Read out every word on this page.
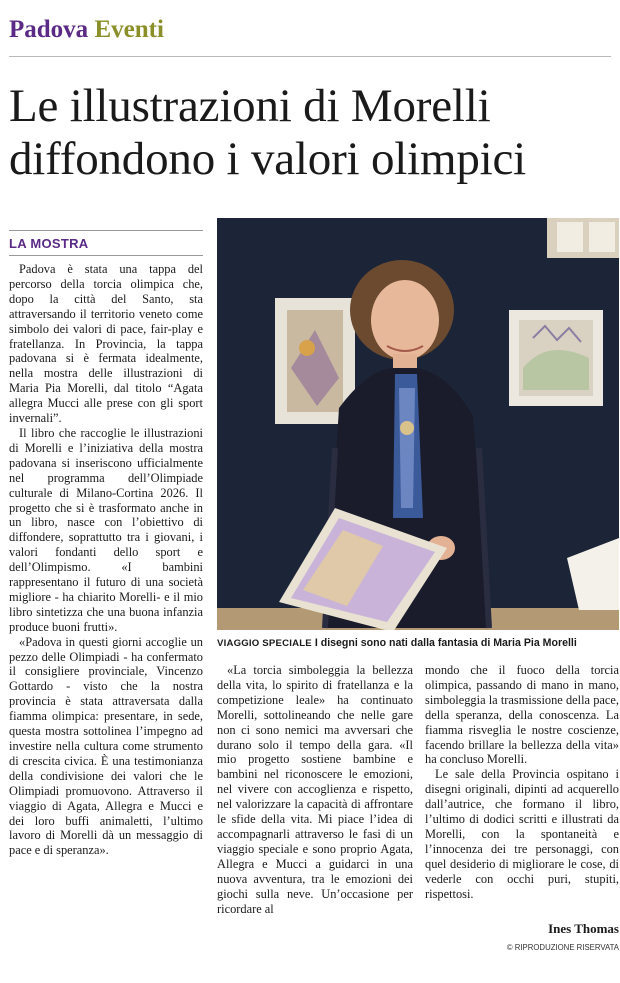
Padova Eventi
Le illustrazioni di Morelli
diffondono i valori olimpici
LA MOSTRA

Padova è stata una tappa del percorso della torcia olimpica che, dopo la città del Santo, sta attraversando il territorio veneto come simbolo dei valori di pace, fair-play e fratellanza. In Provincia, la tappa padovana si è fermata idealmente, nella mostra delle illustrazioni di Maria Pia Morelli, dal titolo “Agata allegra Mucci alle prese con gli sport invernali”.

Il libro che raccoglie le illustrazioni di Morelli e l’iniziativa della mostra padovana si inseriscono ufficialmente nel programma dell’Olimpiade culturale di Milano-Cortina 2026. Il progetto che si è trasformato anche in un libro, nasce con l’obiettivo di diffondere, soprattutto tra i giovani, i valori fondanti dello sport e dell’Olimpismo. «I bambini rappresentano il futuro di una società migliore - ha chiarito Morelli- e il mio libro sintetizza che una buona infanzia produce buoni frutti».

«Padova in questi giorni accoglie un pezzo delle Olimpiadi - ha confermato il consigliere provinciale, Vincenzo Gottardo - visto che la nostra provincia è stata attraversata dalla fiamma olimpica: presentare, in sede, questa mostra sottolinea l’impegno ad investire nella cultura come strumento di crescita civica. È una testimonianza della condivisione dei valori che le Olimpiadi promuovono. Attraverso il viaggio di Agata, Allegra e Mucci e dei loro buffi animaletti, l’ultimo lavoro di Morelli dà un messaggio di pace e di speranza».

VIAGGIO SPECIALE I disegni sono nati dalla fantasia di Maria Pia Morelli

«La torcia simboleggia la bellezza della vita, lo spirito di fratellanza e la competizione leale» ha continuato Morelli, sottolineando che nelle gare non ci sono nemici ma avversari che durano solo il tempo della gara. «Il mio progetto sostiene bambine e bambini nel riconoscere le emozioni, nel vivere con accoglienza e rispetto, nel valorizzare la capacità di affrontare le sfide della vita. Mi piace l’idea di accompagnarli attraverso le fasi di un viaggio speciale e sono proprio Agata, Allegra e Mucci a guidarci in una nuova avventura, tra le emozioni dei giochi sulla neve. Un’occasione per ricordare al

mondo che il fuoco della torcia olimpica, passando di mano in mano, simboleggia la trasmissione della pace, della speranza, della conoscenza. La fiamma risveglia le nostre coscienze, facendo brillare la bellezza della vita» ha concluso Morelli.

Le sale della Provincia ospitano i disegni originali, dipinti ad acquerello dall’autrice, che formano il libro, l’ultimo di dodici scritti e illustrati da Morelli, con la spontaneità e l’innocenza dei tre personaggi, con quel desiderio di migliorare le cose, di vederle con occhi puri, stupiti, rispettosi.

Ines Thomas
© RIPRODUZIONE RISERVATA
